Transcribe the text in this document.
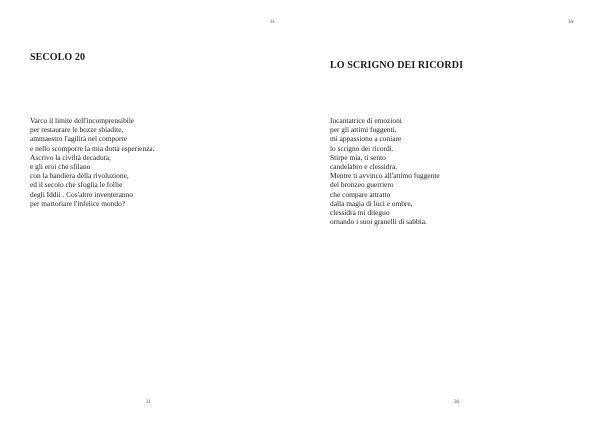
31
SECOLO 20
Varco il limite dell'incomprensibile
per restaurare le bozze sbiadite,
ammaestro l'agilità nel comporre
e nello scomporre la mia dotta esperienza.
Ascrivo la civiltà decaduta,
e gli eroi che sfilano
con la bandiera della rivoluzione,
ed il secolo che sfoglia le follie
degli Iddii . Cos'altro inventeranno
per martoriare l'infelice mondo?
31
36
LO SCRIGNO DEI RICORDI
Incantatrice di emozioni
per gli attimi fuggenti,
mi appassiono a coniare
lo scrigno dei ricordi.
Stirpe mia, ti sento
candelabro e clessidra.
Mentre ti avvinco all'attimo fuggente
del bronzeo guerriero
che compare attratto
dalla magia di luci e ombre,
clessidra mi dileguo
ornando i suoi granelli di sabbia.
36
